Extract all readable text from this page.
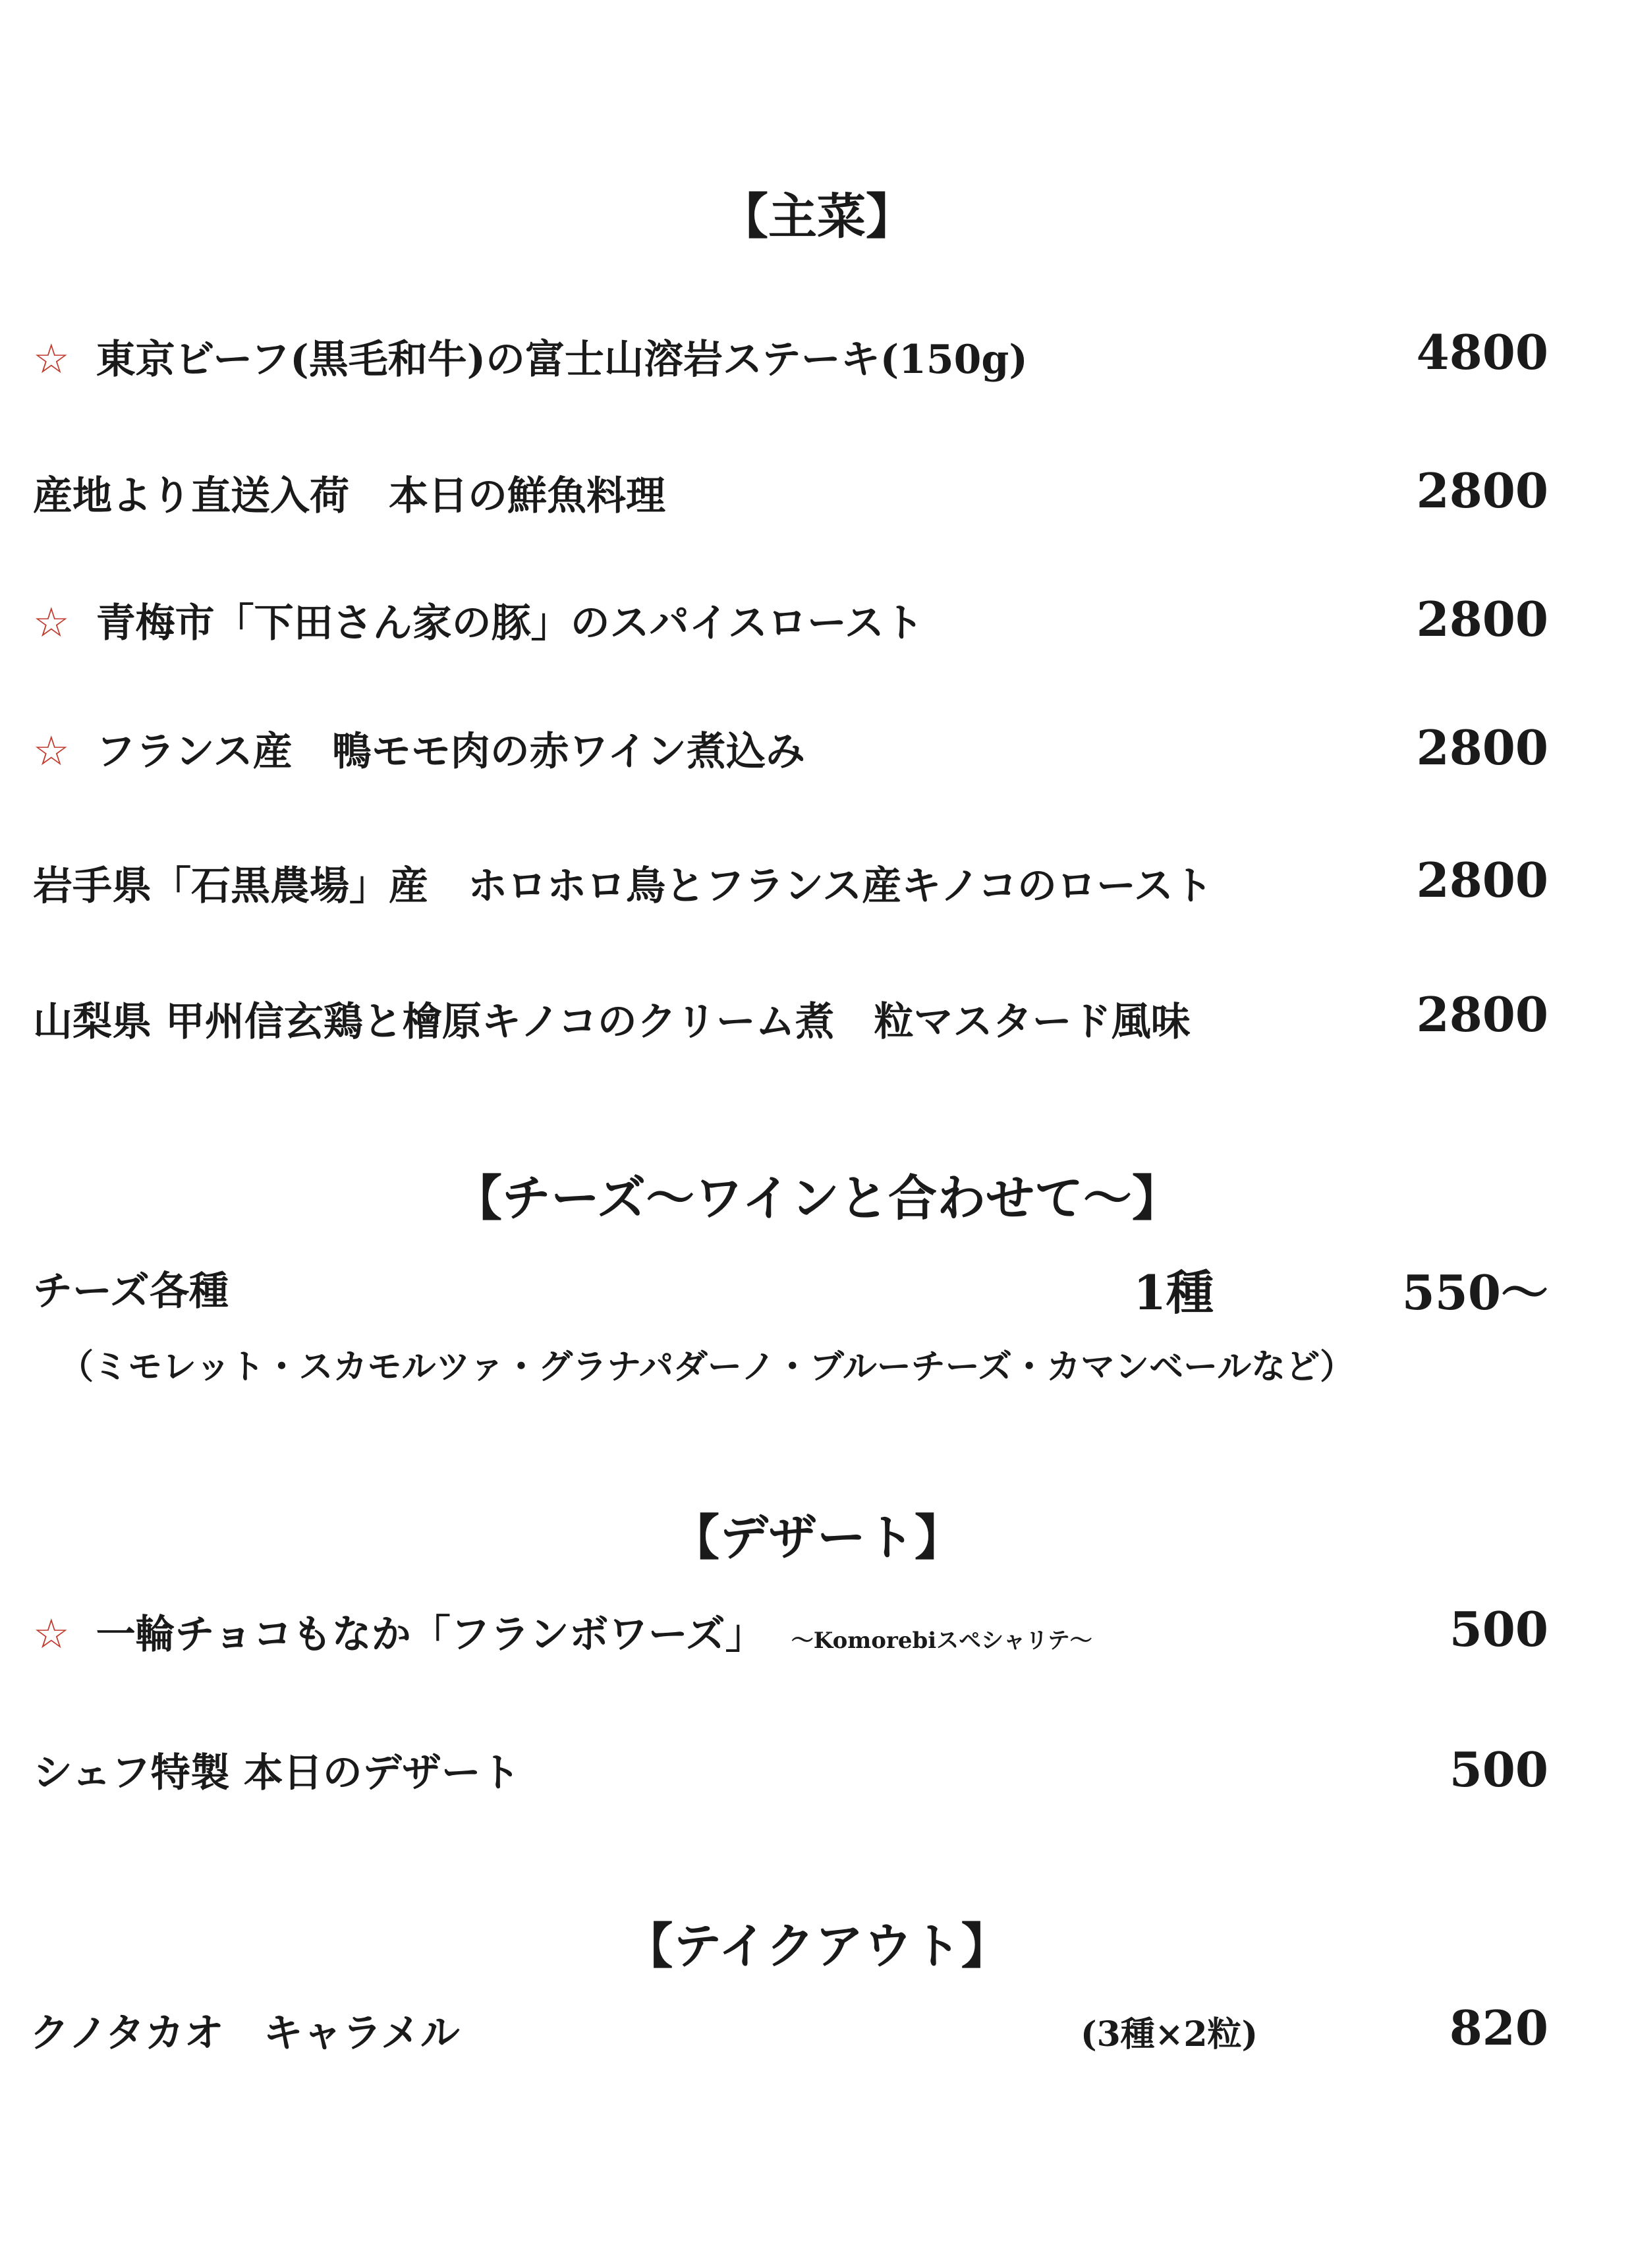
【主菜】
☆ 東京ビーフ(黒毛和牛)の富士山溶岩ステーキ(150g)	4800
産地より直送入荷　本日の鮮魚料理	2800
☆ 青梅市「下田さん家の豚」のスパイスロースト	2800
☆ フランス産　鴨モモ肉の赤ワイン煮込み	2800
岩手県「石黒農場」産　ホロホロ鳥とフランス産キノコのロースト	2800
山梨県 甲州信玄鶏と檜原キノコのクリーム煮　粒マスタード風味	2800
【チーズ〜ワインと合わせて〜】
チーズ各種	1種	550〜
（ミモレット・スカモルツァ・グラナパダーノ・ブルーチーズ・カマンベールなど）
【デザート】
☆ 一輪チョコもなか「フランボワーズ」 〜Komorebiスペシャリテ〜	500
シェフ特製 本日のデザート	500
【テイクアウト】
クノタカオ　キャラメル	(3種×2粒)	820
